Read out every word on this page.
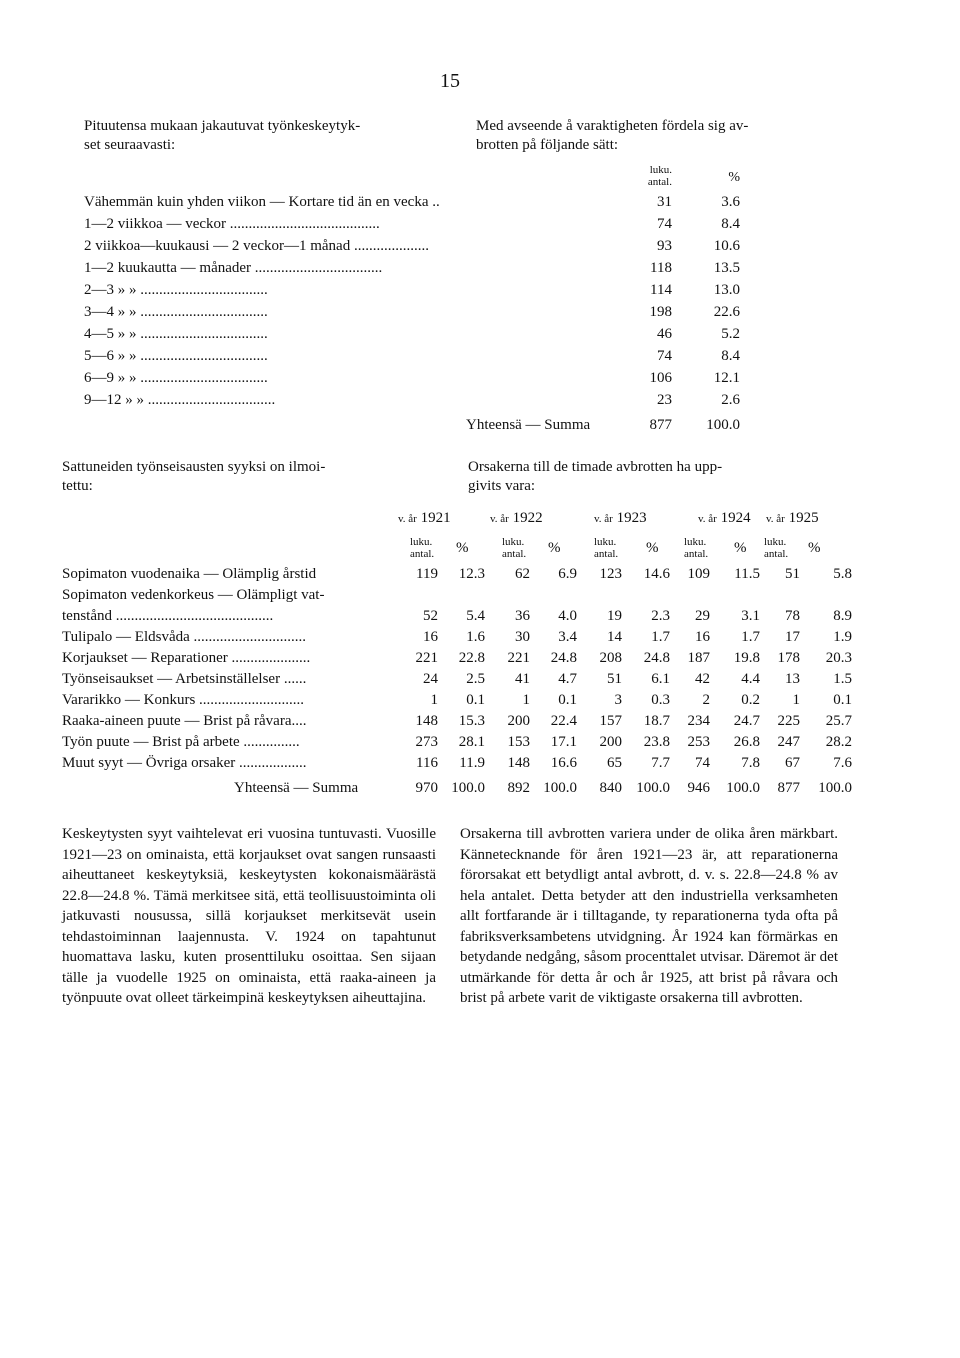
15
Pituutensa mukaan jakautuvat työnkeskeytyk-
set seuraavasti:
Med avseende å varaktigheten fördela sig av-
brotten på följande sätt:
luku.
antal.	%
Vähemmän kuin yhden viikon — Kortare tid än en vecka ..	31	3.6
1—2 viikkoa — veckor ........................................	74	8.4
2 viikkoa—kuukausi — 2 veckor—1 månad ....................	93	10.6
1—2 kuukautta — månader ..................................	118	13.5
2—3 » » ..................................	114	13.0
3—4 » » ..................................	198	22.6
4—5 » » ..................................	46	5.2
5—6 » » ..................................	74	8.4
6—9 » » ..................................	106	12.1
9—12 » » ..................................	23	2.6
Yhteensä — Summa	877	100.0
Sattuneiden työnseisausten syyksi on ilmoi-
tettu:
Orsakerna till de timade avbrotten ha upp-
givits vara:
v. år 1921	v. år 1922	v. år 1923	v. år 1924	v. år 1925
luku.
antal. %	luku.
antal. %	luku.
antal. % luku.
antal. % luku.
antal. %
Sopimaton vuodenaika — Olämplig årstid	119	12.3	62	6.9	123	14.6	109	11.5	51	5.8
Sopimaton vedenkorkeus — Olämpligt vat-
tenstånd ..........................................	52	5.4	36	4.0	19	2.3	29	3.1	78	8.9
Tulipalo — Eldsvåda ..............................	16	1.6	30	3.4	14	1.7	16	1.7	17	1.9
Korjaukset — Reparationer .....................	221	22.8	221	24.8	208	24.8	187	19.8	178	20.3
Työnseisaukset — Arbetsinställelser ......	24	2.5	41	4.7	51	6.1	42	4.4	13	1.5
Vararikko — Konkurs ............................	1	0.1	1	0.1	3	0.3	2	0.2	1	0.1
Raaka-aineen puute — Brist på råvara....	148	15.3	200	22.4	157	18.7	234	24.7	225	25.7
Työn puute — Brist på arbete ...............	273	28.1	153	17.1	200	23.8	253	26.8	247	28.2
Muut syyt — Övriga orsaker ..................	116	11.9	148	16.6	65	7.7	74	7.8	67	7.6
Yhteensä — Summa	970 100.0	892 100.0	840 100.0	946	100.0	877	100.0
Keskeytysten syyt vaihtelevat eri vuosina tuntuvasti. Vuosille 1921—23 on ominaista, että korjaukset ovat sangen runsaasti aiheuttaneet keskeytyksiä, keskeytysten kokonaismäärästä 22.8—24.8 %. Tämä merkitsee sitä, että teollisuustoiminta oli jatkuvasti nousussa, sillä korjaukset merkitsevät usein tehdastoiminnan laajennusta. V. 1924 on tapahtunut huomattava lasku, kuten prosenttiluku osoittaa. Sen sijaan tälle ja vuodelle 1925 on ominaista, että raaka-aineen ja työnpuute ovat olleet tärkeimpinä keskeytyksen aiheuttajina.
Orsakerna till avbrotten variera under de olika åren märkbart. Kännetecknande för åren 1921—23 är, att reparationerna förorsakat ett betydligt antal avbrott, d. v. s. 22.8—24.8 % av hela antalet. Detta betyder att den industriella verksamheten allt fortfarande är i tilltagande, ty reparationerna tyda ofta på fabriksverksambetens utvidgning. År 1924 kan förmärkas en betydande nedgång, såsom procenttalet utvisar. Däremot är det utmärkande för detta år och år 1925, att brist på råvara och brist på arbete varit de viktigaste orsakerna till avbrotten.
